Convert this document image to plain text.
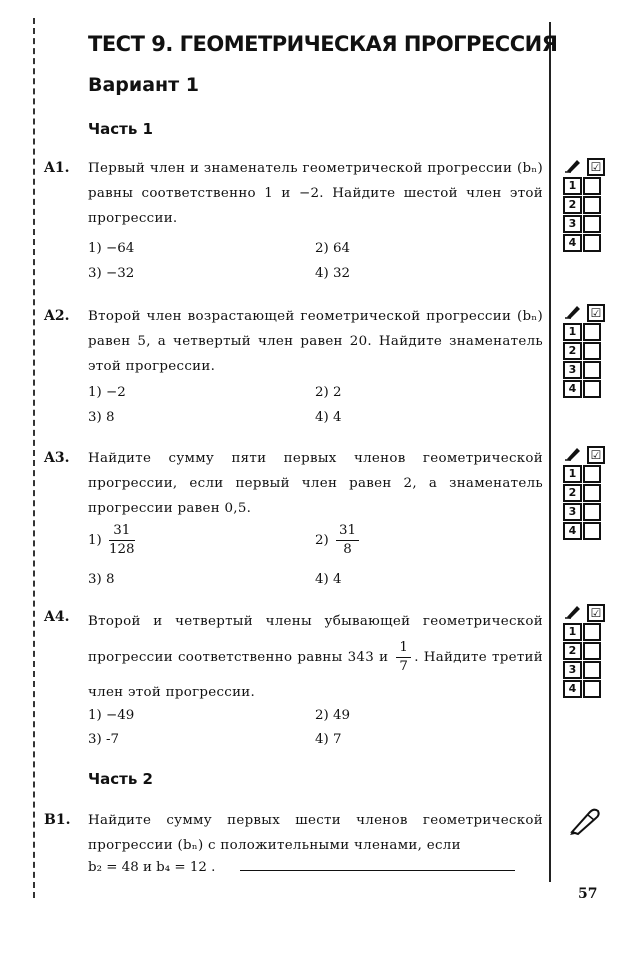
ТЕСТ 9. ГЕОМЕТРИЧЕСКАЯ ПРОГРЕССИЯ
Вариант 1
Часть 1
A1. Первый член и знаменатель геометрической прогрессии (bₙ) равны соответственно 1 и −2. Найдите шестой член этой прогрессии.
1) −64	2) 64
3) −32	4) 32
A2. Второй член возрастающей геометрической прогрессии (bₙ) равен 5, а четвертый член равен 20. Найдите знаменатель этой прогрессии.
1) −2	2) 2
3) 8	4) 4
A3. Найдите сумму пяти первых членов геометрической прогрессии, если первый член равен 2, а знаменатель прогрессии равен 0,5.
$1) \frac{31}{128}$	$2) \frac{31}{8}$
3) 8	4) 4
A4. Второй и четвертый члены убывающей геометрической прогрессии соответственно равны 343 и $\frac{1}{7}$ . Найдите третий член этой прогрессии.
1) −49	2) 49
3) -7	4) 7
Часть 2
B1. Найдите сумму первых шести членов геометрической прогрессии (bₙ) с положительными членами, если
b₂ = 48 и b₄ = 12 .
☑
1
2
3
4
☑
1
2
3
4
☑
1
2
3
4
☑
1
2
3
4
57
